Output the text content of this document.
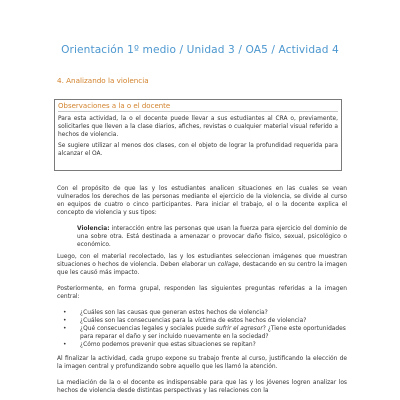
Orientación 1º medio / Unidad 3 / OA5 / Actividad 4
4. Analizando la violencia
Observaciones a la o el docente

Para esta actividad, la o el docente puede llevar a sus estudiantes al CRA o, previamente, solicitarles que lleven a la clase diarios, afiches, revistas o cualquier material visual referido a hechos de violencia.

Se sugiere utilizar al menos dos clases, con el objeto de lograr la profundidad requerida para alcanzar el OA.

Con el propósito de que las y los estudiantes analicen situaciones en las cuales se vean vulnerados los derechos de las personas mediante el ejercicio de la violencia, se divide al curso en equipos de cuatro o cinco participantes. Para iniciar el trabajo, el o la docente explica el concepto de violencia y sus tipos:

Violencia: interacción entre las personas que usan la fuerza para ejercicio del dominio de una sobre otra. Está destinada a amenazar o provocar daño físico, sexual, psicológico o económico.

Luego, con el material recolectado, las y los estudiantes seleccionan imágenes que muestran situaciones o hechos de violencia. Deben elaborar un collage, destacando en su centro la imagen que les causó más impacto.

Posteriormente, en forma grupal, responden las siguientes preguntas referidas a la imagen central:

• ¿Cuáles son las causas que generan estos hechos de violencia?
• ¿Cuáles son las consecuencias para la víctima de estos hechos de violencia?
• ¿Qué consecuencias legales y sociales puede sufrir el agresor? ¿Tiene este oportunidades para reparar el daño y ser incluido nuevamente en la sociedad?
• ¿Cómo podemos prevenir que estas situaciones se repitan?

Al finalizar la actividad, cada grupo expone su trabajo frente al curso, justificando la elección de la imagen central y profundizando sobre aquello que les llamó la atención.

La mediación de la o el docente es indispensable para que las y los jóvenes logren analizar los hechos de violencia desde distintas perspectivas y las relaciones con la
